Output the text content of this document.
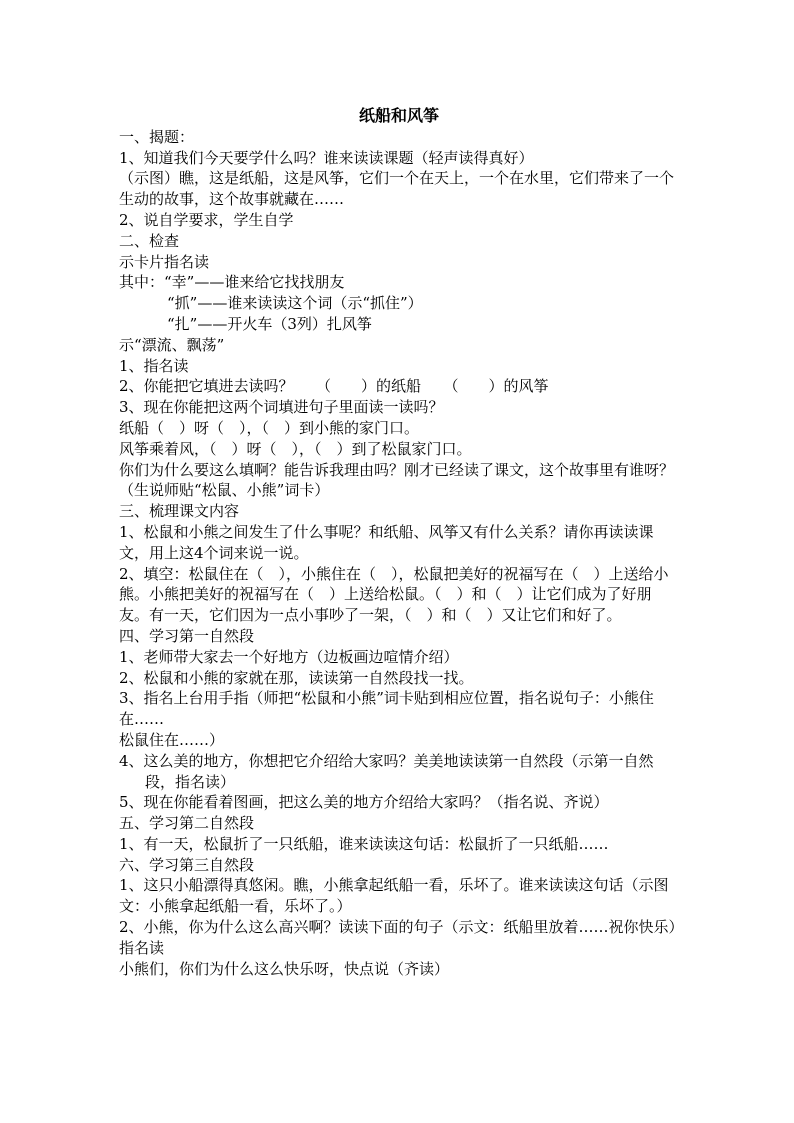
纸船和风筝
一、揭题：
1、知道我们今天要学什么吗？谁来读读课题（轻声读得真好）
（示图）瞧，这是纸船，这是风筝，它们一个在天上，一个在水里，它们带来了一个生动的故事，这个故事就藏在……
2、说自学要求，学生自学
二、检查
示卡片指名读
其中：“幸”——谁来给它找找朋友
“抓”——谁来读读这个词（示“抓住”）
“扎”——开火车（3列）扎风筝
示“漂流、飘荡”
1、指名读
2、你能把它填进去读吗？　　（　　）的纸船　　（　　）的风筝
3、现在你能把这两个词填进句子里面读一读吗？
纸船（　）呀（　），（　）到小熊的家门口。
风筝乘着风，（　）呀（　），（　）到了松鼠家门口。
你们为什么要这么填啊？能告诉我理由吗？刚才已经读了课文，这个故事里有谁呀？（生说师贴“松鼠、小熊”词卡）
三、梳理课文内容
1、松鼠和小熊之间发生了什么事呢？和纸船、风筝又有什么关系？请你再读读课文，用上这4个词来说一说。
2、填空：松鼠住在（　），小熊住在（　），松鼠把美好的祝福写在（　）上送给小熊。小熊把美好的祝福写在（　）上送给松鼠。（　）和（　）让它们成为了好朋友。有一天，它们因为一点小事吵了一架，（　）和（　）又让它们和好了。
四、学习第一自然段
1、老师带大家去一个好地方（边板画边喧情介绍）
2、松鼠和小熊的家就在那，读读第一自然段找一找。
3、指名上台用手指（师把“松鼠和小熊”词卡贴到相应位置，指名说句子：小熊住在……
松鼠住在……）
4、这么美的地方，你想把它介绍给大家吗？美美地读读第一自然段（示第一自然段，指名读）
5、现在你能看着图画，把这么美的地方介绍给大家吗？（指名说、齐说）
五、学习第二自然段
1、有一天，松鼠折了一只纸船，谁来读读这句话：松鼠折了一只纸船……
六、学习第三自然段
1、这只小船漂得真悠闲。瞧，小熊拿起纸船一看，乐坏了。谁来读读这句话（示图文：小熊拿起纸船一看，乐坏了。）
2、小熊，你为什么这么高兴啊？读读下面的句子（示文：纸船里放着……祝你快乐）指名读
小熊们，你们为什么这么快乐呀，快点说（齐读）
